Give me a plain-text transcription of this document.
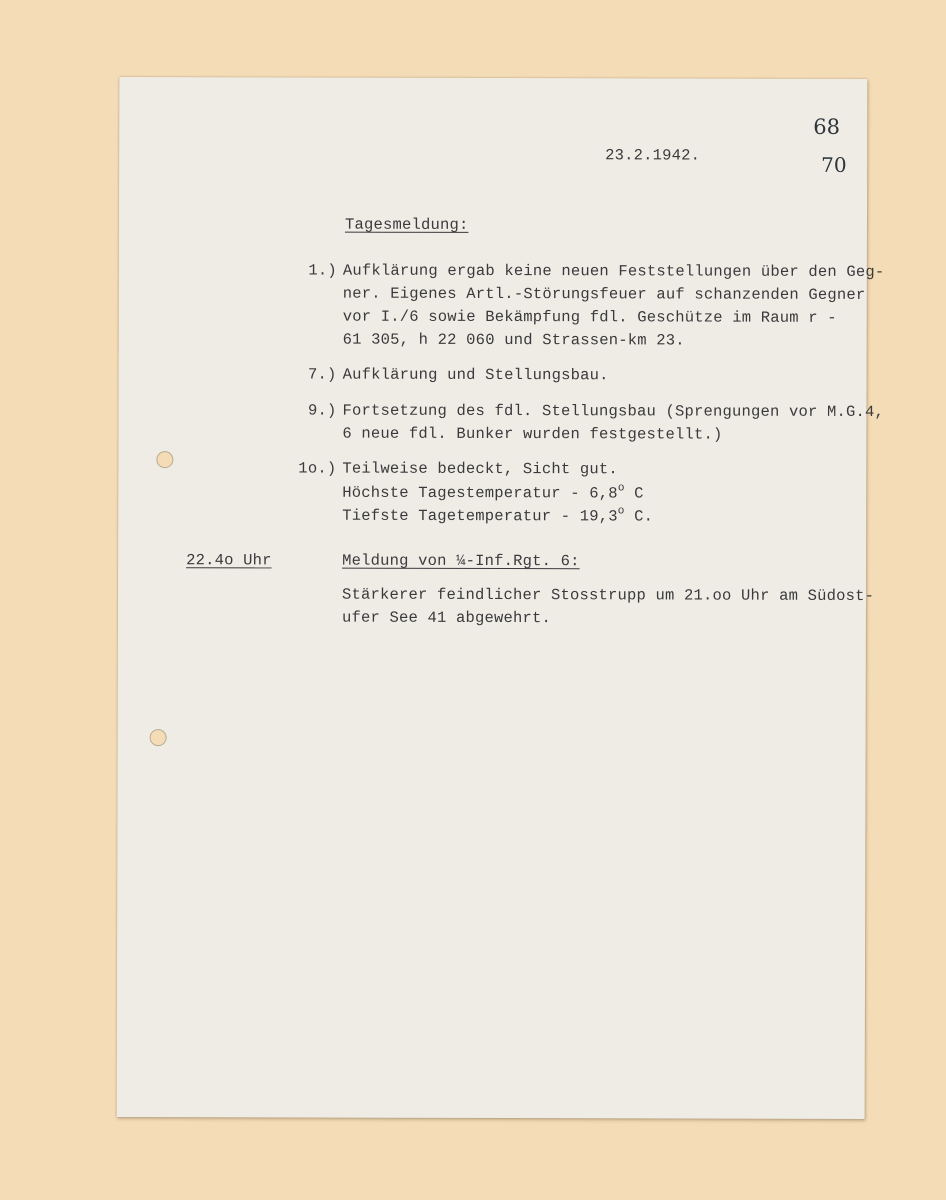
68
70
23.2.1942.
Tagesmeldung:
1.) Aufklärung ergab keine neuen Feststellungen über den Geg-
ner. Eigenes Artl.-Störungsfeuer auf schanzenden Gegner
vor I./6 sowie Bekämpfung fdl. Geschütze im Raum r -
61 305, h 22 060 und Strassen-km 23.
7.) Aufklärung und Stellungsbau.
9.) Fortsetzung des fdl. Stellungsbau (Sprengungen vor M.G.4,
6 neue fdl. Bunker wurden festgestellt.)
1o.) Teilweise bedeckt, Sicht gut.
Höchste Tagestemperatur - 6,8$^o$ C
Tiefste Tagetemperatur - 19,3$^o$ C.
22.4o Uhr	Meldung von ¼-Inf.Rgt. 6:
Stärkerer feindlicher Stosstrupp um 21.oo Uhr am Südost-
ufer See 41 abgewehrt.
